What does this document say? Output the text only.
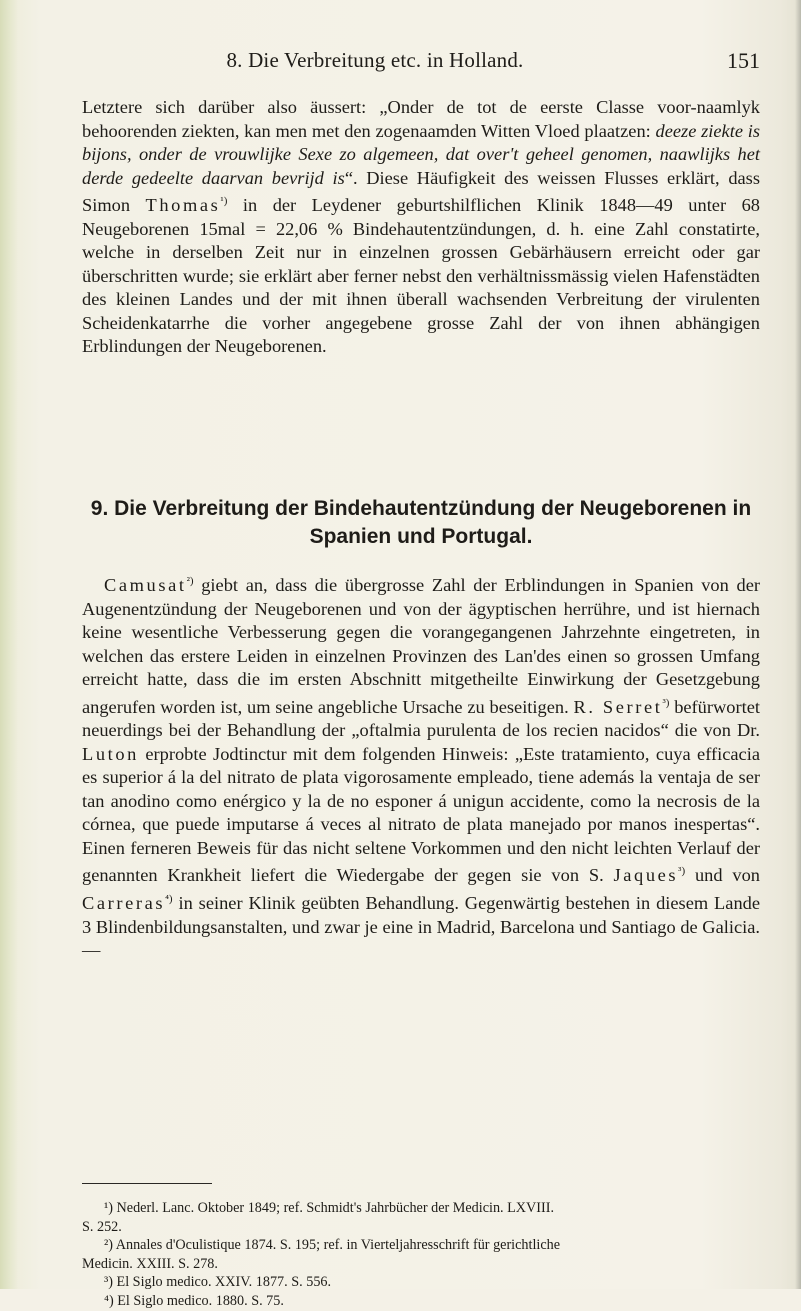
8. Die Verbreitung etc. in Holland.	151

Letztere sich darüber also äussert: „Onder de tot de eerste Classe voor-naamlyk behoorenden ziekten, kan men met den zogenaamden Witten Vloed plaatzen: deeze ziekte is bijons, onder de vrouwlijke Sexe zo algemeen, dat over't geheel genomen, naawlijks het derde gedeelte daarvan bevrijd is“. Diese Häufigkeit des weissen Flusses erklärt, dass Simon Thomas$^{^1)}$ in der Leydener geburtshilflichen Klinik 1848—49 unter 68 Neugeborenen 15mal = 22,06 % Bindehautentzündungen, d. h. eine Zahl constatirte, welche in derselben Zeit nur in einzelnen grossen Gebärhäusern erreicht oder gar überschritten wurde; sie erklärt aber ferner nebst den verhältnissmässig vielen Hafenstädten des kleinen Landes und der mit ihnen überall wachsenden Verbreitung der virulenten Scheidenkatarrhe die vorher angegebene grosse Zahl der von ihnen abhängigen Erblindungen der Neugeborenen.

9. Die Verbreitung der Bindehautentzündung der Neugeborenen in
Spanien und Portugal.

Camusat$^{^2)}$ giebt an, dass die übergrosse Zahl der Erblindungen in Spanien von der Augenentzündung der Neugeborenen und von der ägyptischen herrühre, und ist hiernach keine wesentliche Verbesserung gegen die vorangegangenen Jahrzehnte eingetreten, in welchen das erstere Leiden in einzelnen Provinzen des Lan'des einen so grossen Umfang erreicht hatte, dass die im ersten Abschnitt mitgetheilte Einwirkung der Gesetzgebung angerufen worden ist, um seine angebliche Ursache zu beseitigen. R. Serret$^{^3)}$ befürwortet neuerdings bei der Behandlung der „oftalmia purulenta de los recien nacidos“ die von Dr. Luton erprobte Jodtinctur mit dem folgenden Hinweis: „Este tratamiento, cuya efficacia es superior á la del nitrato de plata vigorosamente empleado, tiene además la ventaja de ser tan anodino como enérgico y la de no esponer á unigun accidente, como la necrosis de la córnea, que puede imputarse á veces al nitrato de plata manejado por manos inespertas“. Einen ferneren Beweis für das nicht seltene Vorkommen und den nicht leichten Verlauf der genannten Krankheit liefert die Wiedergabe der gegen sie von S. Jaques$^{^3)}$ und von Carreras$^{^4)}$ in seiner Klinik geübten Behandlung. Gegenwärtig bestehen in diesem Lande 3 Blindenbildungsanstalten, und zwar je eine in Madrid, Barcelona und Santiago de Galicia. —

¹) Nederl. Lanc. Oktober 1849; ref. Schmidt's Jahrbücher der Medicin. LXVIII.

S. 252.

²) Annales d'Oculistique 1874. S. 195; ref. in Vierteljahresschrift für gerichtliche

Medicin. XXIII. S. 278.

³) El Siglo medico. XXIV. 1877. S. 556.

⁴) El Siglo medico. 1880. S. 75.
